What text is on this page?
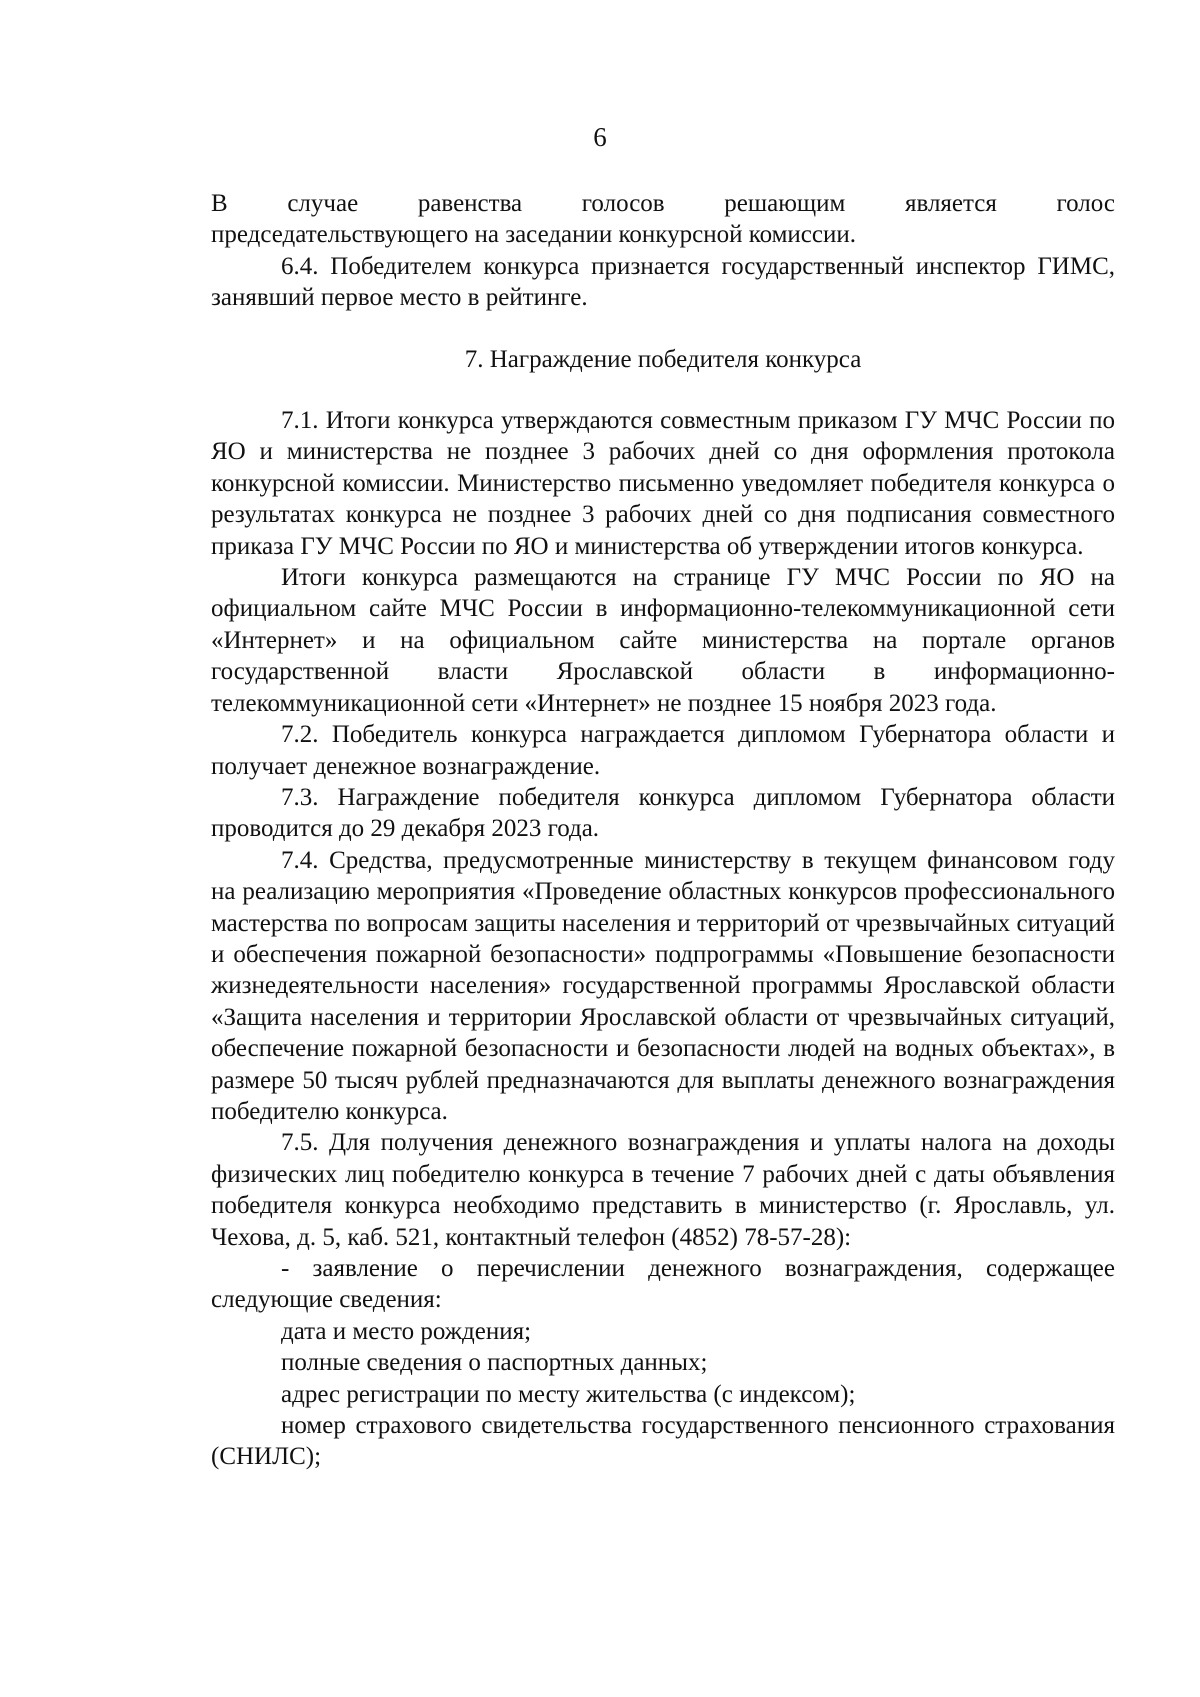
6

В случае равенства голосов решающим является голос
председательствующего на заседании конкурсной комиссии.

6.4. Победителем конкурса признается государственный инспектор ГИМС, занявший первое место в рейтинге.

7. Награждение победителя конкурса

7.1. Итоги конкурса утверждаются совместным приказом ГУ МЧС России по ЯО и министерства не позднее 3 рабочих дней со дня оформления протокола конкурсной комиссии. Министерство письменно уведомляет победителя конкурса о результатах конкурса не позднее 3 рабочих дней со дня подписания совместного приказа ГУ МЧС России по ЯО и министерства об утверждении итогов конкурса.

Итоги конкурса размещаются на странице ГУ МЧС России по ЯО на официальном сайте МЧС России в информационно-телекоммуникационной сети «Интернет» и на официальном сайте министерства на портале органов государственной власти Ярославской области в информационно-телекоммуникационной сети «Интернет» не позднее 15 ноября 2023 года.

7.2. Победитель конкурса награждается дипломом Губернатора области и получает денежное вознаграждение.

7.3. Награждение победителя конкурса дипломом Губернатора области проводится до 29 декабря 2023 года.

7.4. Средства, предусмотренные министерству в текущем финансовом году на реализацию мероприятия «Проведение областных конкурсов профессионального мастерства по вопросам защиты населения и территорий от чрезвычайных ситуаций и обеспечения пожарной безопасности» подпрограммы «Повышение безопасности жизнедеятельности населения» государственной программы Ярославской области «Защита населения и территории Ярославской области от чрезвычайных ситуаций, обеспечение пожарной безопасности и безопасности людей на водных объектах», в размере 50 тысяч рублей предназначаются для выплаты денежного вознаграждения победителю конкурса.

7.5. Для получения денежного вознаграждения и уплаты налога на доходы физических лиц победителю конкурса в течение 7 рабочих дней с даты объявления победителя конкурса необходимо представить в министерство (г. Ярославль, ул. Чехова, д. 5, каб. 521, контактный телефон (4852) 78-57-28):

- заявление о перечислении денежного вознаграждения, содержащее следующие сведения:

дата и место рождения;

полные сведения о паспортных данных;

адрес регистрации по месту жительства (с индексом);

номер страхового свидетельства государственного пенсионного страхования (СНИЛС);
